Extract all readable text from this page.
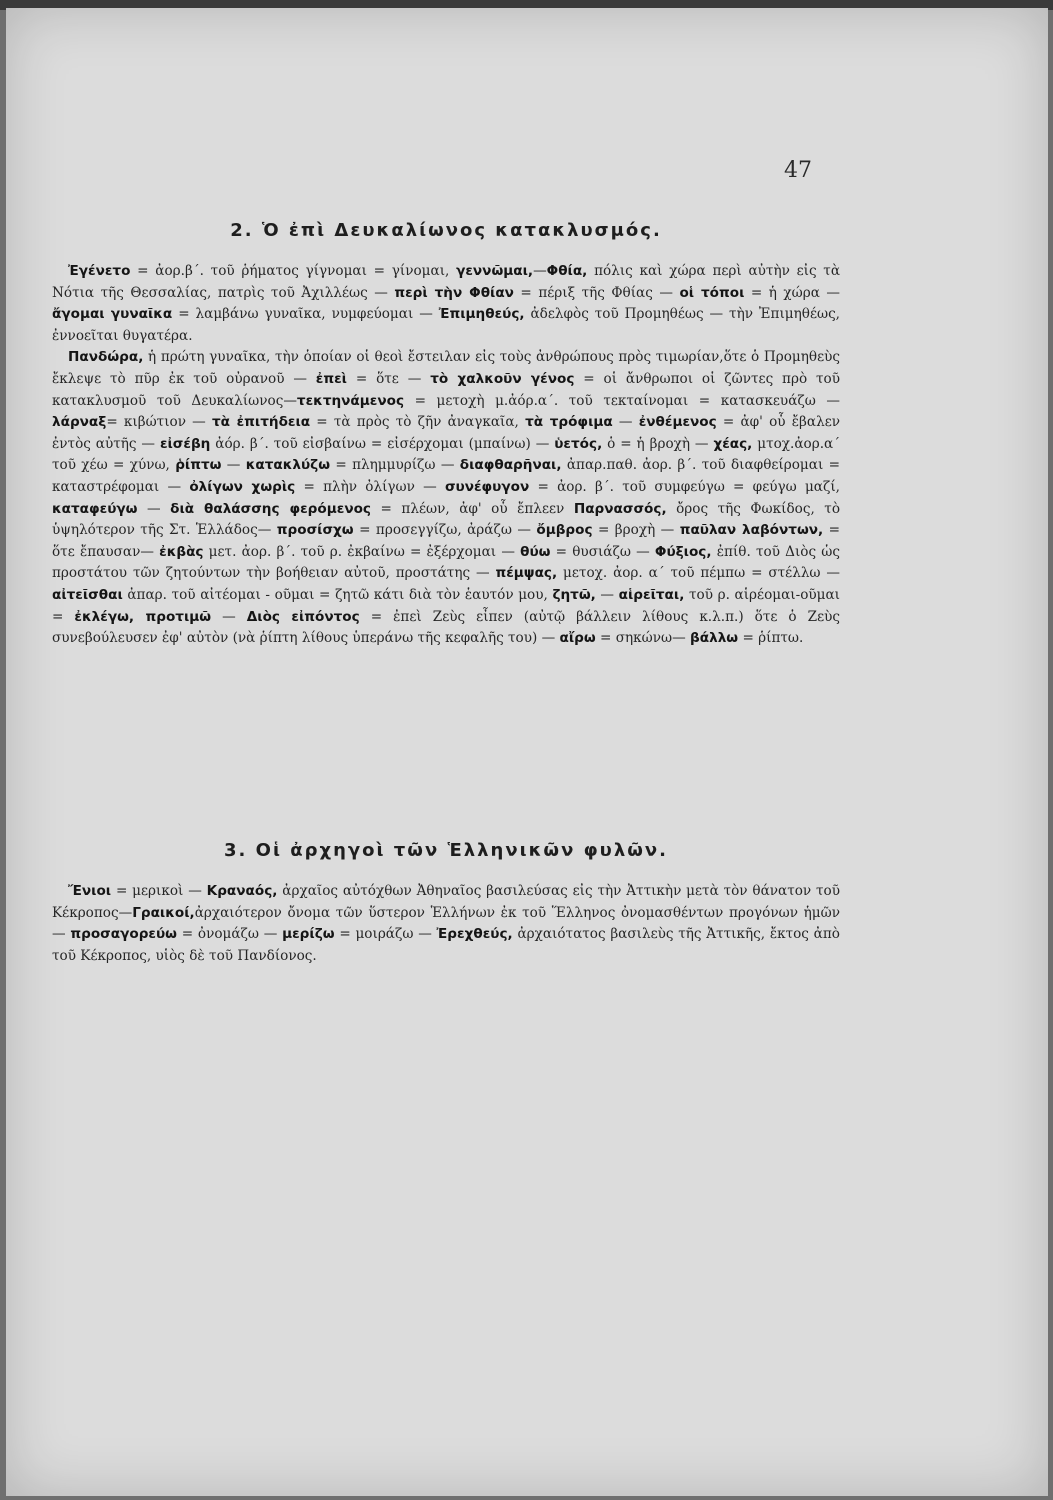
47
2. Ὁ ἐπὶ Δευκαλίωνος κατακλυσμός.

Ἐγένετο = ἀορ.β΄. τοῦ ῥήματος γίγνομαι = γίνομαι, γεννῶμαι,—Φθία, πόλις καὶ χώρα περὶ αὐτὴν εἰς τὰ Νότια τῆς Θεσσαλίας, πατρὶς τοῦ Ἀχιλλέως — περὶ τὴν Φθίαν = πέριξ τῆς Φθίας — οἱ τόποι = ἡ χώρα — ἄγομαι γυναῖκα = λαμβάνω γυναῖκα, νυμφεύομαι — Ἐπιμηθεύς, ἀδελφὸς τοῦ Προμηθέως — τὴν Ἐπιμηθέως, ἐννοεῖται θυγατέρα.

Πανδώρα, ἡ πρώτη γυναῖκα, τὴν ὁποίαν οἱ θεοὶ ἔστειλαν εἰς τοὺς ἀνθρώπους πρὸς τιμωρίαν,ὅτε ὁ Προμηθεὺς ἔκλεψε τὸ πῦρ ἐκ τοῦ οὐρανοῦ — ἐπεὶ = ὅτε — τὸ χαλκοῦν γένος = οἱ ἄνθρωποι οἱ ζῶντες πρὸ τοῦ κατακλυσμοῦ τοῦ Δευκαλίωνος—τεκτηνάμενος = μετοχὴ μ.ἀόρ.α΄. τοῦ τεκταίνομαι = κατασκευάζω — λάρναξ= κιβώτιον — τὰ ἐπιτήδεια = τὰ πρὸς τὸ ζῆν ἀναγκαῖα, τὰ τρόφιμα — ἐνθέμενος = ἀφ' οὗ ἔβαλεν ἐντὸς αὐτῆς — εἰσέβη ἀόρ. β΄. τοῦ εἰσβαίνω = εἰσέρχομαι (μπαίνω) — ὑετός, ὁ = ἡ βροχὴ — χέας, μτοχ.ἀορ.α΄ τοῦ χέω = χύνω, ῥίπτω — κατακλύζω = πλημμυρίζω — διαφθαρῆναι, ἀπαρ.παθ. ἀορ. β΄. τοῦ διαφθείρομαι = καταστρέφομαι — ὀλίγων χωρὶς = πλὴν ὀλίγων — συνέφυγον = ἀορ. β΄. τοῦ συμφεύγω = φεύγω μαζί, καταφεύγω — διὰ θαλάσσης φερόμενος = πλέων, ἀφ' οὗ ἔπλεεν Παρνασσός, ὄρος τῆς Φωκίδος, τὸ ὑψηλότερον τῆς Στ. Ἑλλάδος— προσίσχω = προσεγγίζω, ἀράζω — ὄμβρος = βροχὴ — παῦλαν λαβόντων, = ὅτε ἔπαυσαν— ἐκβὰς μετ. ἀορ. β΄. τοῦ ρ. ἐκβαίνω = ἐξέρχομαι — θύω = θυσιάζω — Φύξιος, ἐπίθ. τοῦ Διὸς ὡς προστάτου τῶν ζητούντων τὴν βοήθειαν αὐτοῦ, προστάτης — πέμψας, μετοχ. ἀορ. α΄ τοῦ πέμπω = στέλλω — αἰτεῖσθαι ἀπαρ. τοῦ αἰτέομαι - οῦμαι = ζητῶ κάτι διὰ τὸν ἑαυτόν μου, ζητῶ, — αἱρεῖται, τοῦ ρ. αἱρέομαι-οῦμαι = ἐκλέγω, προτιμῶ — Διὸς εἰπόντος = ἐπεὶ Ζεὺς εἶπεν (αὐτῷ βάλλειν λίθους κ.λ.π.) ὅτε ὁ Ζεὺς συνεβούλευσεν ἐφ' αὐτὸν (νὰ ῥίπτη λίθους ὑπεράνω τῆς κεφαλῆς του) — αἴρω = σηκώνω— βάλλω = ῥίπτω.

3. Οἱ ἀρχηγοὶ τῶν Ἑλληνικῶν φυλῶν.

Ἔνιοι = μερικοὶ — Κραναός, ἀρχαῖος αὐτόχθων Ἀθηναῖος βασιλεύσας εἰς τὴν Ἀττικὴν μετὰ τὸν θάνατον τοῦ Κέκροπος—Γραικοί,ἀρχαιότερον ὄνομα τῶν ὕστερον Ἑλλήνων ἐκ τοῦ Ἕλληνος ὀνομασθέντων προγόνων ἡμῶν — προσαγορεύω = ὀνομάζω — μερίζω = μοιράζω — Ἐρεχθεύς, ἀρχαιότατος βασιλεὺς τῆς Ἀττικῆς, ἔκτος ἀπὸ τοῦ Κέκροπος, υἱὸς δὲ τοῦ Πανδίονος.
